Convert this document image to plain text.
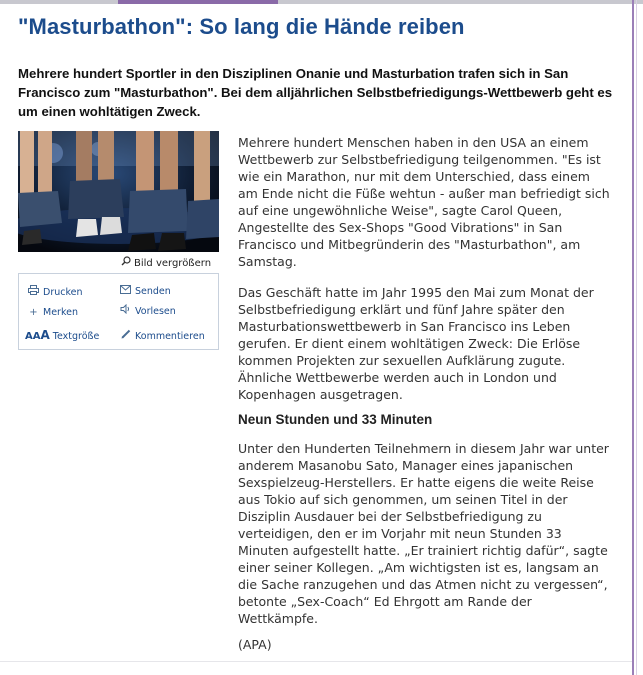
"Masturbathon": So lang die Hände reiben

Mehrere hundert Sportler in den Disziplinen Onanie und Masturbation trafen sich in San Francisco zum "Masturbathon". Bei dem alljährlichen Selbstbefriedigungs-Wettbewerb geht es um einen wohltätigen Zweck.

Bild vergrößern
Drucken	Senden
+ Merken	Vorlesen
AAA Textgröße	Kommentieren

Mehrere hundert Menschen haben in den USA an einem Wettbewerb zur Selbstbefriedigung teilgenommen. "Es ist wie ein Marathon, nur mit dem Unterschied, dass einem am Ende nicht die Füße wehtun - außer man befriedigt sich auf eine ungewöhnliche Weise", sagte Carol Queen, Angestellte des Sex-Shops "Good Vibrations" in San Francisco und Mitbegründerin des "Masturbathon", am Samstag.

Das Geschäft hatte im Jahr 1995 den Mai zum Monat der Selbstbefriedigung erklärt und fünf Jahre später den Masturbationswettbewerb in San Francisco ins Leben gerufen. Er dient einem wohltätigen Zweck: Die Erlöse kommen Projekten zur sexuellen Aufklärung zugute. Ähnliche Wettbewerbe werden auch in London und Kopenhagen ausgetragen.

Neun Stunden und 33 Minuten

Unter den Hunderten Teilnehmern in diesem Jahr war unter anderem Masanobu Sato, Manager eines japanischen Sexspielzeug-Herstellers. Er hatte eigens die weite Reise aus Tokio auf sich genommen, um seinen Titel in der Disziplin Ausdauer bei der Selbstbefriedigung zu verteidigen, den er im Vorjahr mit neun Stunden 33 Minuten aufgestellt hatte. „Er trainiert richtig dafür“, sagte einer seiner Kollegen. „Am wichtigsten ist es, langsam an die Sache ranzugehen und das Atmen nicht zu vergessen“, betonte „Sex-Coach“ Ed Ehrgott am Rande der Wettkämpfe.

(APA)
